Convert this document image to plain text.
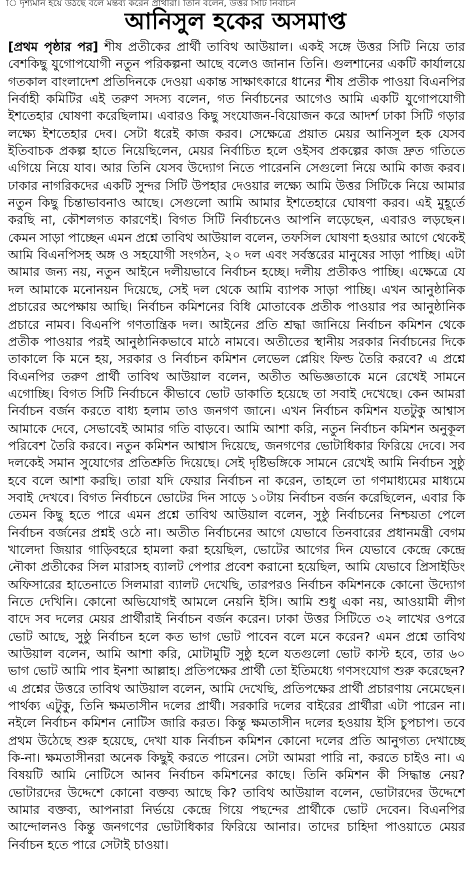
ি দৃশ্যমান হয়ে উঠছে বলে মন্তব্য করেন প্রার্থীরা। তিনি বলেন, উত্তর সিটি নির্বাচন
আনিসুল হকের অসমাপ্ত
[প্রথম পৃষ্ঠার পর] শীষ প্রতীকের প্রার্থী তাবিথ আউয়াল। একই সঙ্গে উত্তর সিটি নিয়ে তার বেশকিছু যুগোপযোগী নতুন পরিকল্পনা আছে বলেও জানান তিনি। গুলশানের একটি কার্যালয়ে গতকাল বাংলাদেশ প্রতিদিনকে দেওয়া একান্ত সাক্ষাৎকারে ধানের শীষ প্রতীক পাওয়া বিএনপির নির্বাহী কমিটির এই তরুণ সদস্য বলেন, গত নির্বাচনের আগেও আমি একটি যুগোপযোগী ইশতেহার ঘোষণা করেছিলাম। এবারও কিছু সংযোজন-বিয়োজন করে আদর্শ ঢাকা সিটি গড়ার লক্ষ্যে ইশতেহার দেব। সেটা ধরেই কাজ করব। সেক্ষেত্রে প্রয়াত মেয়র আনিসুল হক যেসব ইতিবাচক প্রকল্প হাতে নিয়েছিলেন, মেয়র নির্বাচিত হলে ওইসব প্রকল্পের কাজ দ্রুত গতিতে এগিয়ে নিয়ে যাব। আর তিনি যেসব উদ্যোগ নিতে পারেননি সেগুলো নিয়ে আমি কাজ করব। ঢাকার নাগরিকদের একটি সুন্দর সিটি উপহার দেওয়ার লক্ষ্যে আমি উত্তর সিটিকে নিয়ে আমার নতুন কিছু চিন্তাভাবনাও আছে। সেগুলো আমি আমার ইশতেহারে ঘোষণা করব। এই মুহূর্তে করছি না, কৌশলগত কারণেই। বিগত সিটি নির্বাচনেও আপনি লড়েছেন, এবারও লড়ছেন। কেমন সাড়া পাচ্ছেন এমন প্রশ্নে তাবিথ আউয়াল বলেন, তফসিল ঘোষণা হওয়ার আগে থেকেই আমি বিএনপিসহ অঙ্গ ও সহযোগী সংগঠন, ২০ দল এবং সর্বস্তরের মানুষের সাড়া পাচ্ছি। এটা আমার জন্য নয়, নতুন আইনে দলীয়ভাবে নির্বাচন হচ্ছে। দলীয় প্রতীকও পাচ্ছি। এক্ষেত্রে যে দল আমাকে মনোনয়ন দিয়েছে, সেই দল থেকে আমি ব্যাপক সাড়া পাচ্ছি। এখন আনুষ্ঠানিক প্রচারের অপেক্ষায় আছি। নির্বাচন কমিশনের বিধি মোতাবেক প্রতীক পাওয়ার পর আনুষ্ঠানিক প্রচারে নামব। বিএনপি গণতান্ত্রিক দল। আইনের প্রতি শ্রদ্ধা জানিয়ে নির্বাচন কমিশন থেকে প্রতীক পাওয়ার পরই আনুষ্ঠানিকভাবে মাঠে নামবে। অতীতের স্থানীয় সরকার নির্বাচনের দিকে তাকালে কি মনে হয়, সরকার ও নির্বাচন কমিশন লেভেল প্লেয়িং ফিল্ড তৈরি করবে? এ প্রশ্নে বিএনপির তরুণ প্রার্থী তাবিথ আউয়াল বলেন, অতীত অভিজ্ঞতাকে মনে রেখেই সামনে এগোচ্ছি। বিগত সিটি নির্বাচনে কীভাবে ভোট ডাকাতি হয়েছে তা সবাই দেখেছে। কেন আমরা নির্বাচন বর্জন করতে বাধ্য হলাম তাও জনগণ জানে। এখন নির্বাচন কমিশন যতটুকু আশ্বাস আমাকে দেবে, সেভাবেই আমার গতি বাড়বে। আমি আশা করি, নতুন নির্বাচন কমিশন অনুকূল পরিবেশ তৈরি করবে। নতুন কমিশন আশ্বাস দিয়েছে, জনগণের ভোটাধিকার ফিরিয়ে দেবে। সব দলকেই সমান সুযোগের প্রতিশ্রুতি দিয়েছে। সেই দৃষ্টিভঙ্গিকে সামনে রেখেই আমি নির্বাচন সুষ্ঠু হবে বলে আশা করছি। তারা যদি ফেয়ার নির্বাচন না করেন, তাহলে তা গণমাধ্যমের মাধ্যমে সবাই দেখবে। বিগত নির্বাচনে ভোটের দিন সাড়ে ১০টায় নির্বাচন বর্জন করেছিলেন, এবার কি তেমন কিছু হতে পারে এমন প্রশ্নে তাবিথ আউয়াল বলেন, সুষ্ঠু নির্বাচনের নিশ্চয়তা পেলে নির্বাচন বর্জনের প্রশ্নই ওঠে না। অতীত নির্বাচনের আগে যেভাবে তিনবারের প্রধানমন্ত্রী বেগম খালেদা জিয়ার গাড়িবহরে হামলা করা হয়েছিল, ভোটের আগের দিন যেভাবে কেন্দ্রে কেন্দ্রে নৌকা প্রতীকের সিল মারাসহ ব্যালট পেপার প্রবেশ করানো হয়েছিল, আমি যেভাবে প্রিসাইডিং অফিসারের হাতেনাতে সিলমারা ব্যালট দেখেছি, তারপরও নির্বাচন কমিশনকে কোনো উদ্যোগ নিতে দেখিনি। কোনো অভিযোগই আমলে নেয়নি ইসি। আমি শুধু একা নয়, আওয়ামী লীগ বাদে সব দলের মেয়র প্রার্থীরাই নির্বাচন বর্জন করেন। ঢাকা উত্তর সিটিতে ৩২ লাখের ওপরে ভোট আছে, সুষ্ঠু নির্বাচন হলে কত ভাগ ভোট পাবেন বলে মনে করেন? এমন প্রশ্নে তাবিথ আউয়াল বলেন, আমি আশা করি, মোটামুটি সুষ্ঠু হলে যতগুলো ভোট কাস্ট হবে, তার ৬০ ভাগ ভোট আমি পাব ইনশা আল্লাহ। প্রতিপক্ষের প্রার্থী তো ইতিমধ্যে গণসংযোগ শুরু করেছেন? এ প্রশ্নের উত্তরে তাবিথ আউয়াল বলেন, আমি দেখেছি, প্রতিপক্ষের প্রার্থী প্রচারণায় নেমেছেন। পার্থক্য এটুকু, তিনি ক্ষমতাসীন দলের প্রার্থী। সরকারি দলের বাইরের প্রার্থীরা এটা পারেন না। নইলে নির্বাচন কমিশন নোটিস জারি করত। কিন্তু ক্ষমতাসীন দলের হওয়ায় ইসি চুপচাপ। তবে প্রথম উঠেছে শুরু হয়েছে, দেখা যাক নির্বাচন কমিশন কোনো দলের প্রতি আনুগত্য দেখাচ্ছে কি-না। ক্ষমতাসীনরা অনেক কিছুই করতে পারেন। সেটা আমরা পারি না, করতে চাইও না। এ বিষয়টি আমি নোটিসে আনব নির্বাচন কমিশনের কাছে। তিনি কমিশন কী সিদ্ধান্ত নেয়? ভোটারদের উদ্দেশে কোনো বক্তব্য আছে কি? তাবিথ আউয়াল বলেন, ভোটারদের উদ্দেশে আমার বক্তব্য, আপনারা নির্ভয়ে কেন্দ্রে গিয়ে পছন্দের প্রার্থীকে ভোট দেবেন। বিএনপির আন্দোলনও কিন্তু জনগণের ভোটাধিকার ফিরিয়ে আনার। তাদের চাহিদা পাওয়াতে মেয়র নির্বাচন হতে পারে সেটাই চাওয়া।
